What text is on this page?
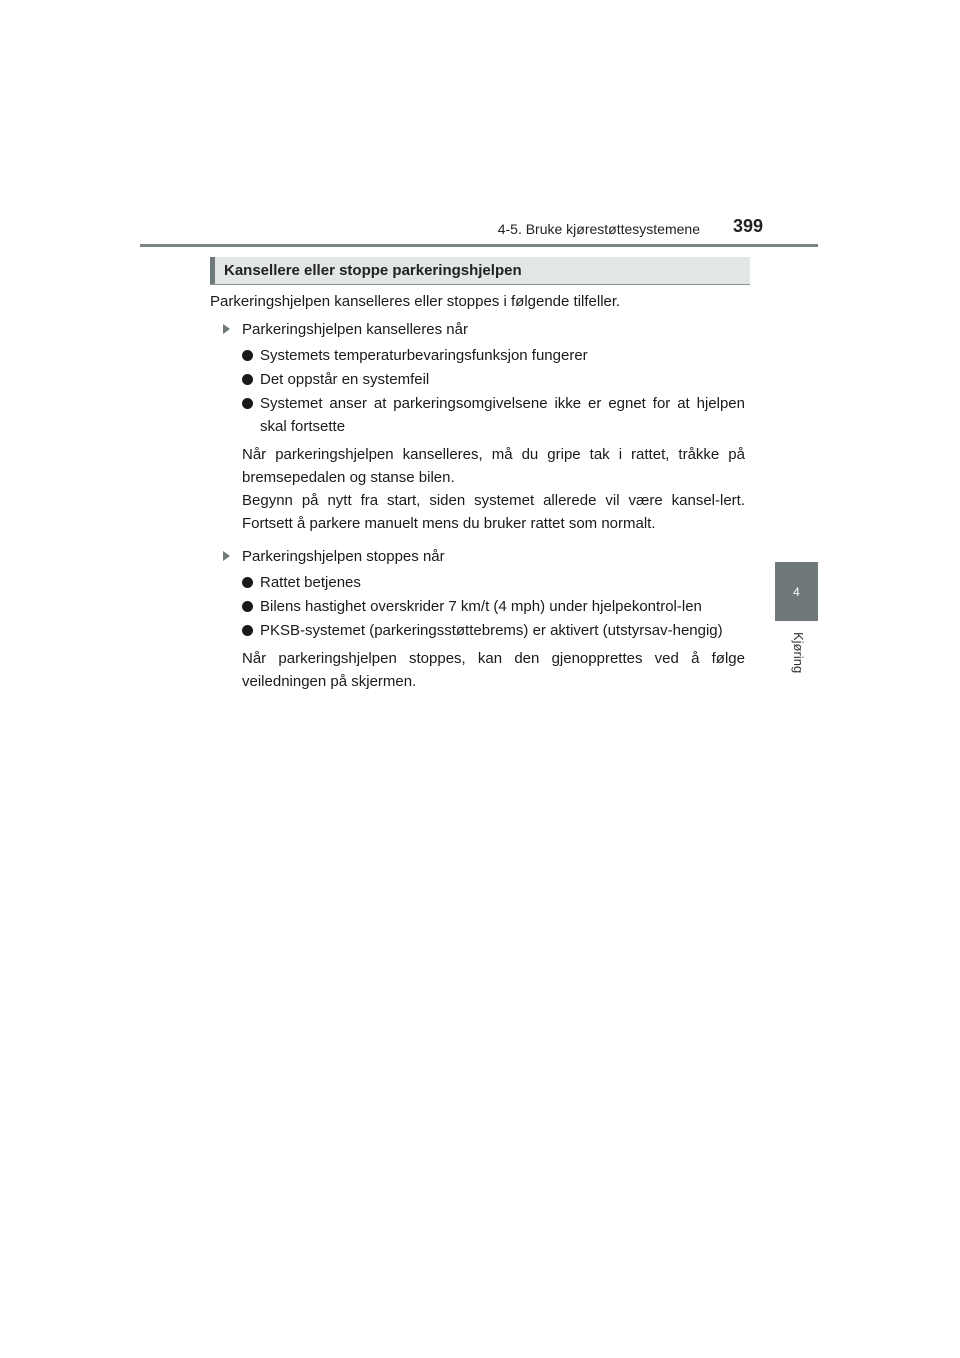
4-5. Bruke kjørestøttesystemene	399
4
Kjøring
Kansellere eller stoppe parkeringshjelpen

Parkeringshjelpen kanselleres eller stoppes i følgende tilfeller.

Parkeringshjelpen kanselleres når

Systemets temperaturbevaringsfunksjon fungerer

Det oppstår en systemfeil

Systemet anser at parkeringsomgivelsene ikke er egnet for at hjelpen skal fortsette

Når parkeringshjelpen kanselleres, må du gripe tak i rattet, tråkke på bremsepedalen og stanse bilen.

Begynn på nytt fra start, siden systemet allerede vil være kansel-lert. Fortsett å parkere manuelt mens du bruker rattet som normalt.

Parkeringshjelpen stoppes når

Rattet betjenes

Bilens hastighet overskrider 7 km/t (4 mph) under hjelpekontrol-len

PKSB-systemet (parkeringsstøttebrems) er aktivert (utstyrsav-hengig)

Når parkeringshjelpen stoppes, kan den gjenopprettes ved å følge veiledningen på skjermen.
